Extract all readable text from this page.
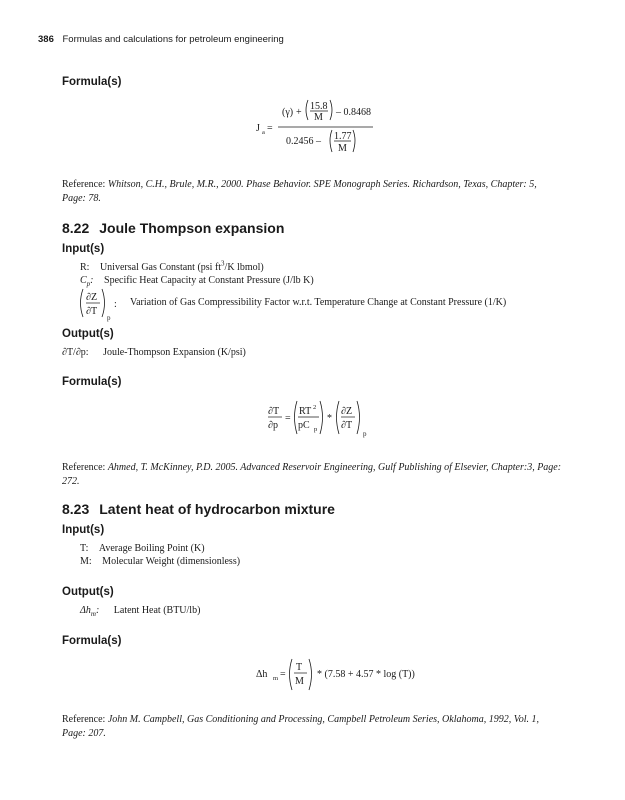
386 Formulas and calculations for petroleum engineering
Formula(s)
J a =
(γ) +
15.8
M – 0.8468
0.2456 – 1.77
M
Reference: Whitson, C.H., Brule, M.R., 2000. Phase Behavior. SPE Monograph Series. Richardson, Texas, Chapter: 5, Page: 78.
8.22 Joule Thompson expansion
Input(s)
R: Universal Gas Constant (psi $ft^3/K$ lbmol)
$C_p$: Specific Heat Capacity at Constant Pressure (J/lb K)
∂Z
∂T
p
: Variation of Gas Compressibility Factor w.r.t. Temperature Change at Constant Pressure (1/K)
Output(s)
∂T/∂p: Joule-Thompson Expansion (K/psi)
Formula(s)
∂T
∂p
=
RT 2
pC p
*
∂Z
∂T
p
Reference: Ahmed, T. McKinney, P.D. 2005. Advanced Reservoir Engineering, Gulf Publishing of Elsevier, Chapter:3, Page: 272.
8.23 Latent heat of hydrocarbon mixture
Input(s)
T: Average Boiling Point (K)
M: Molecular Weight (dimensionless)
Output(s)
$\Delta h_m$: Latent Heat (BTU/lb)
Formula(s)
Δh m =
T
M
* (7.58 + 4.57 * log (T))
Reference: John M. Campbell, Gas Conditioning and Processing, Campbell Petroleum Series, Oklahoma, 1992, Vol. 1, Page: 207.
